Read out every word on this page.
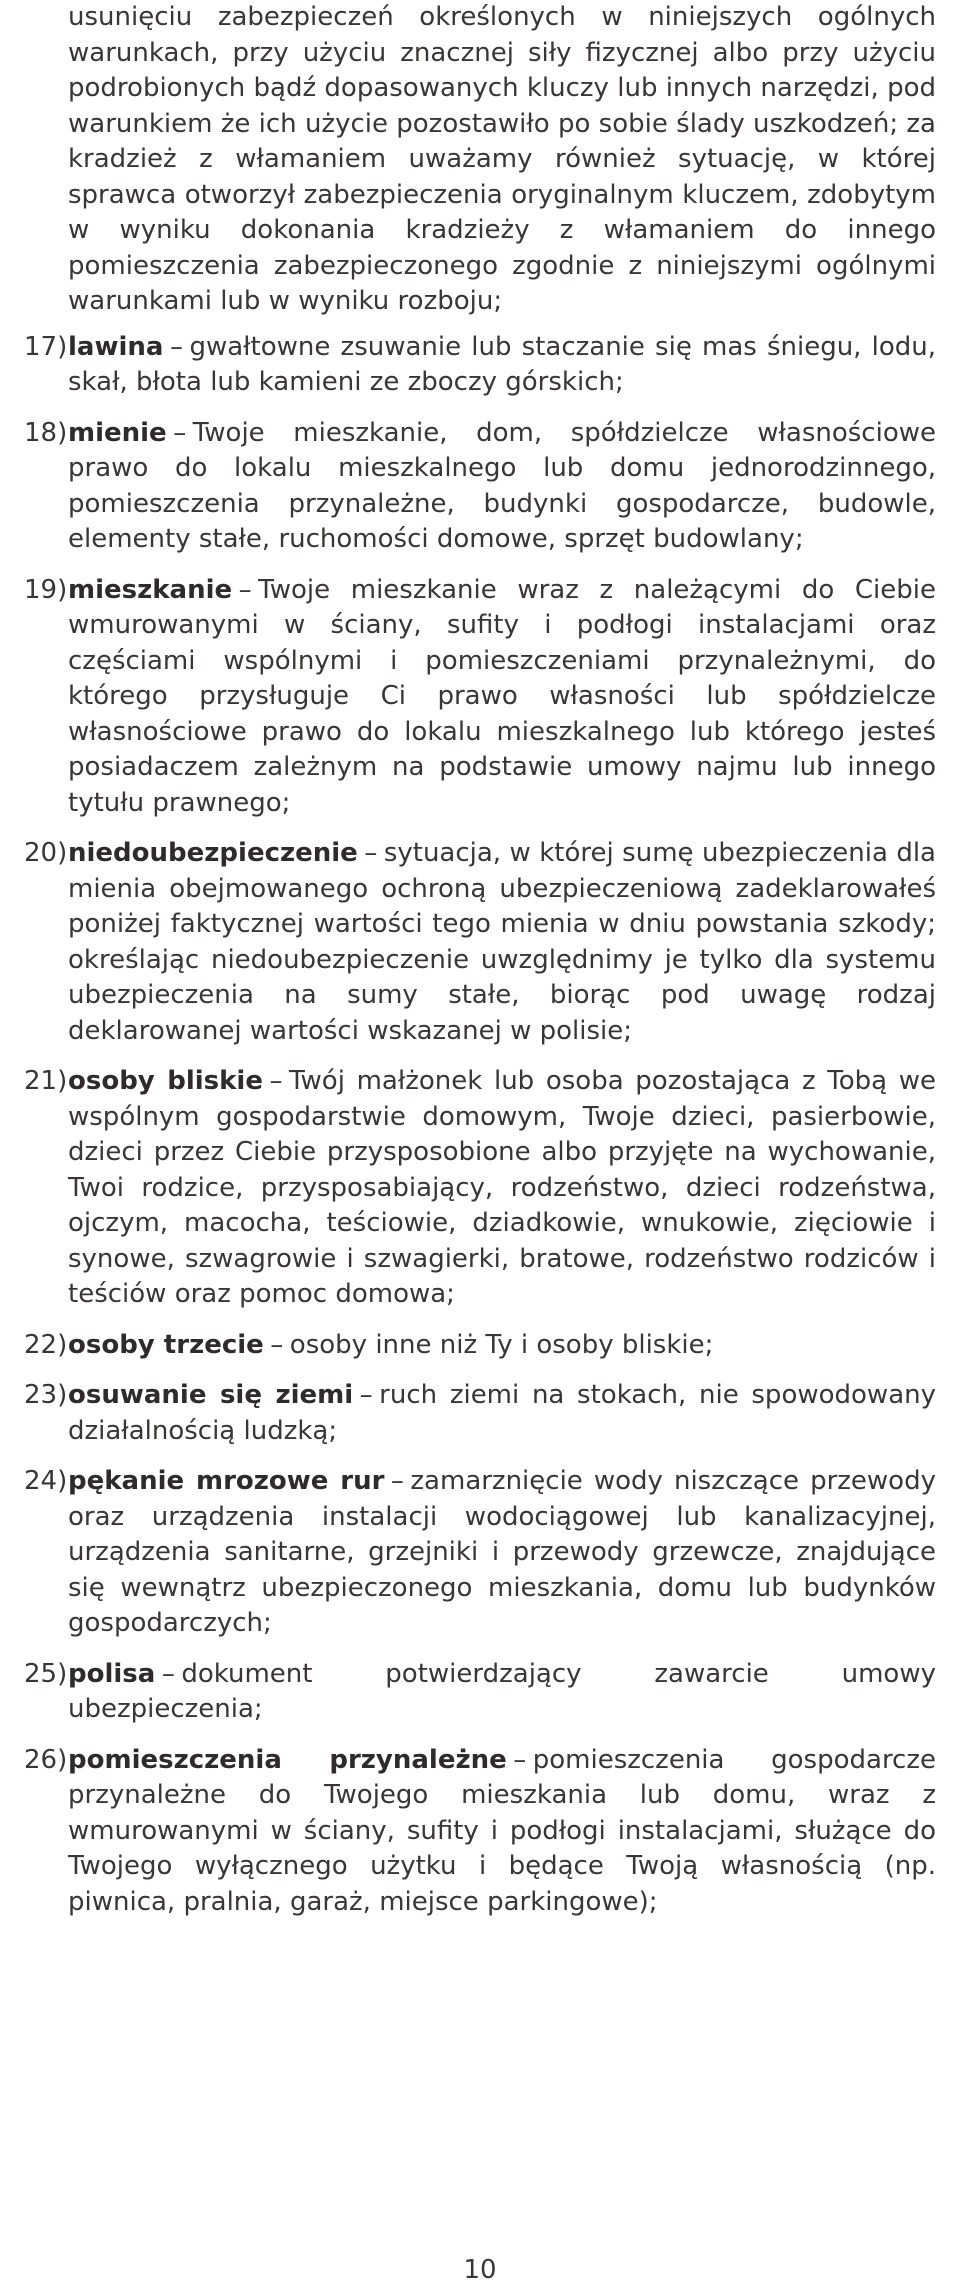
usunięciu zabezpieczeń określonych w niniejszych ogólnych warunkach, przy użyciu znacznej siły fizycznej albo przy użyciu podrobionych bądź dopasowanych kluczy lub innych narzędzi, pod warunkiem że ich użycie pozostawiło po sobie ślady uszkodzeń; za kradzież z włamaniem uważamy również sytuację, w której sprawca otworzył zabezpieczenia oryginalnym kluczem, zdobytym w wyniku dokonania kradzieży z włamaniem do innego pomieszczenia zabezpieczonego zgodnie z niniejszymi ogólnymi warunkami lub w wyniku rozboju;

17) lawina – gwałtowne zsuwanie lub staczanie się mas śniegu, lodu, skał, błota lub kamieni ze zboczy górskich;
18) mienie – Twoje mieszkanie, dom, spółdzielcze własnościowe prawo do lokalu mieszkalnego lub domu jednorodzinnego, pomieszczenia przynależne, budynki gospodarcze, budowle, elementy stałe, ruchomości domowe, sprzęt budowlany;
19) mieszkanie – Twoje mieszkanie wraz z należącymi do Ciebie wmurowanymi w ściany, sufity i podłogi instalacjami oraz częściami wspólnymi i pomieszczeniami przynależnymi, do którego przysługuje Ci prawo własności lub spółdzielcze własnościowe prawo do lokalu mieszkalnego lub którego jesteś posiadaczem zależnym na podstawie umowy najmu lub innego tytułu prawnego;
20) niedoubezpieczenie – sytuacja, w której sumę ubezpieczenia dla mienia obejmowanego ochroną ubezpieczeniową zadeklarowałeś poniżej faktycznej wartości tego mienia w dniu powstania szkody; określając niedoubezpieczenie uwzględnimy je tylko dla systemu ubezpieczenia na sumy stałe, biorąc pod uwagę rodzaj deklarowanej wartości wskazanej w polisie;
21) osoby bliskie – Twój małżonek lub osoba pozostająca z Tobą we wspólnym gospodarstwie domowym, Twoje dzieci, pasierbowie, dzieci przez Ciebie przysposobione albo przyjęte na wychowanie, Twoi rodzice, przysposabiający, rodzeństwo, dzieci rodzeństwa, ojczym, macocha, teściowie, dziadkowie, wnukowie, zięciowie i synowe, szwagrowie i szwagierki, bratowe, rodzeństwo rodziców i teściów oraz pomoc domowa;
22) osoby trzecie – osoby inne niż Ty i osoby bliskie;
23) osuwanie się ziemi – ruch ziemi na stokach, nie spowodowany działalnością ludzką;
24) pękanie mrozowe rur – zamarznięcie wody niszczące przewody oraz urządzenia instalacji wodociągowej lub kanalizacyjnej, urządzenia sanitarne, grzejniki i przewody grzewcze, znajdujące się wewnątrz ubezpieczonego mieszkania, domu lub budynków gospodarczych;
25) polisa – dokument potwierdzający zawarcie umowy ubezpieczenia;
26) pomieszczenia przynależne – pomieszczenia gospodarcze przynależne do Twojego mieszkania lub domu, wraz z wmurowanymi w ściany, sufity i podłogi instalacjami, służące do Twojego wyłącznego użytku i będące Twoją własnością (np. piwnica, pralnia, garaż, miejsce parkingowe);
10
